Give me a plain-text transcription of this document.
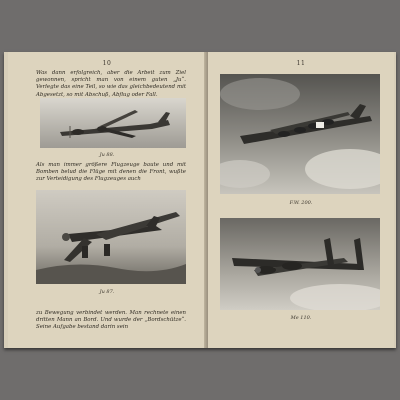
10
Was dann erfolgreich, aber die Arbeit zum Ziel gewonnen, spricht man von einem guten „Ju“. Verlegte das eine Teil, so wie das gleichbedeutend mit Abgesetzt, so mit Abschuß, Abflug oder Fall.
Ju 88.
Als man immer größere Flugzeuge baute und mit Bomben belud die Flüge mit denen die Front, wußte zur Verteidigung des Flugzeuges auch
Ju 87.
zu Bewegung verbindet werden. Man rechnete einen dritten Mann an Bord. Und wurde der „Bordschütze“. Seine Aufgabe bestand darin sein
11
F.W. 200.
Me 110.
